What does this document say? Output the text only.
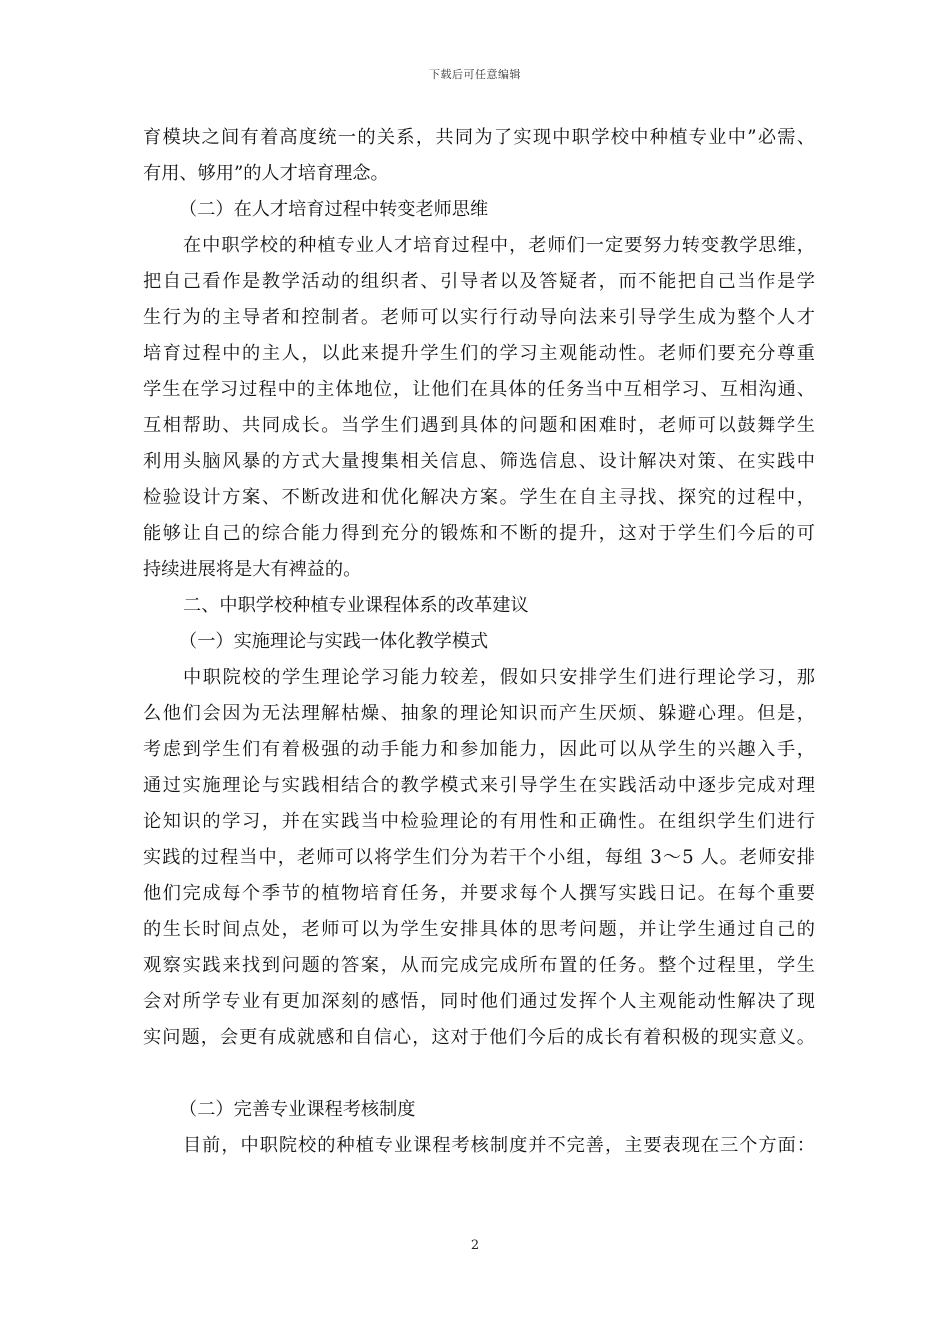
下载后可任意编辑
育模块之间有着高度统一的关系，共同为了实现中职学校中种植专业中”必需、
有用、够用”的人才培育理念。
（二）在人才培育过程中转变老师思维
在中职学校的种植专业人才培育过程中，老师们一定要努力转变教学思维，
把自己看作是教学活动的组织者、引导者以及答疑者，而不能把自己当作是学
生行为的主导者和控制者。老师可以实行行动导向法来引导学生成为整个人才
培育过程中的主人，以此来提升学生们的学习主观能动性。老师们要充分尊重
学生在学习过程中的主体地位，让他们在具体的任务当中互相学习、互相沟通、
互相帮助、共同成长。当学生们遇到具体的问题和困难时，老师可以鼓舞学生
利用头脑风暴的方式大量搜集相关信息、筛选信息、设计解决对策、在实践中
检验设计方案、不断改进和优化解决方案。学生在自主寻找、探究的过程中，
能够让自己的综合能力得到充分的锻炼和不断的提升，这对于学生们今后的可
持续进展将是大有裨益的。
二、中职学校种植专业课程体系的改革建议
（一）实施理论与实践一体化教学模式
中职院校的学生理论学习能力较差，假如只安排学生们进行理论学习，那
么他们会因为无法理解枯燥、抽象的理论知识而产生厌烦、躲避心理。但是，
考虑到学生们有着极强的动手能力和参加能力，因此可以从学生的兴趣入手，
通过实施理论与实践相结合的教学模式来引导学生在实践活动中逐步完成对理
论知识的学习，并在实践当中检验理论的有用性和正确性。在组织学生们进行
实践的过程当中，老师可以将学生们分为若干个小组，每组 3～5 人。老师安排
他们完成每个季节的植物培育任务，并要求每个人撰写实践日记。在每个重要
的生长时间点处，老师可以为学生安排具体的思考问题，并让学生通过自己的
观察实践来找到问题的答案，从而完成完成所布置的任务。整个过程里，学生
会对所学专业有更加深刻的感悟，同时他们通过发挥个人主观能动性解决了现
实问题，会更有成就感和自信心，这对于他们今后的成长有着积极的现实意义。
（二）完善专业课程考核制度
目前，中职院校的种植专业课程考核制度并不完善，主要表现在三个方面：
2
